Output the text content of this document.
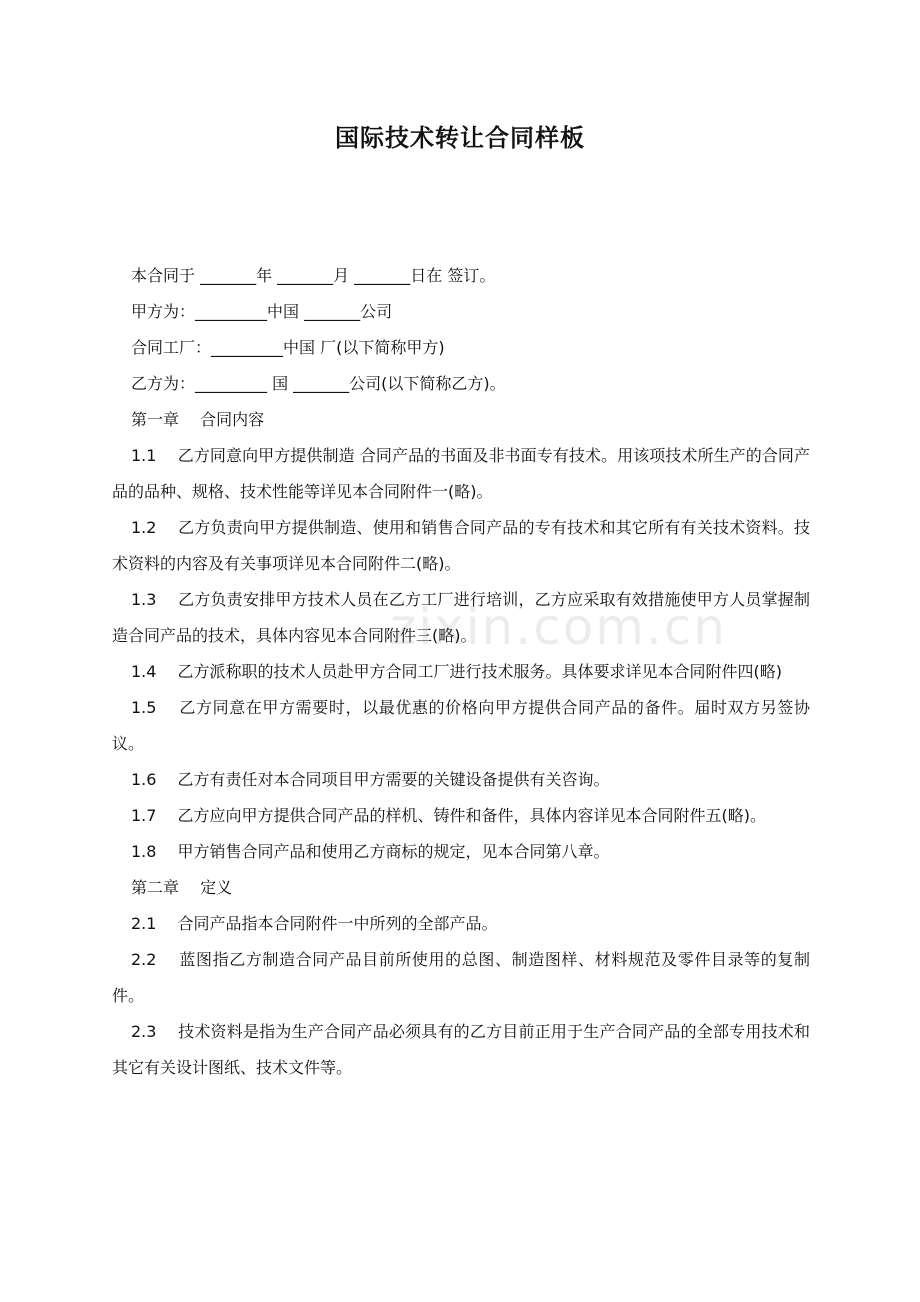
国际技术转让合同样板
zixin.com.cn

本合同于 _______年 _______月 _______日在 签订。

甲方为：_________中国 _______公司

合同工厂：_________中国 厂(以下简称甲方)

乙方为：_________ 国 _______公司(以下简称乙方)。

第一章　 合同内容

1.1　 乙方同意向甲方提供制造 合同产品的书面及非书面专有技术。用该项技术所生产的合同产品的品种、规格、技术性能等详见本合同附件一(略)。

1.2　 乙方负责向甲方提供制造、使用和销售合同产品的专有技术和其它所有有关技术资料。技术资料的内容及有关事项详见本合同附件二(略)。

1.3　 乙方负责安排甲方技术人员在乙方工厂进行培训，乙方应采取有效措施使甲方人员掌握制造合同产品的技术，具体内容见本合同附件三(略)。

1.4　 乙方派称职的技术人员赴甲方合同工厂进行技术服务。具体要求详见本合同附件四(略)

1.5　 乙方同意在甲方需要时，以最优惠的价格向甲方提供合同产品的备件。届时双方另签协议。

1.6　 乙方有责任对本合同项目甲方需要的关键设备提供有关咨询。

1.7　 乙方应向甲方提供合同产品的样机、铸件和备件，具体内容详见本合同附件五(略)。

1.8　 甲方销售合同产品和使用乙方商标的规定，见本合同第八章。

第二章　 定义

2.1　 合同产品指本合同附件一中所列的全部产品。

2.2　 蓝图指乙方制造合同产品目前所使用的总图、制造图样、材料规范及零件目录等的复制件。

2.3　 技术资料是指为生产合同产品必须具有的乙方目前正用于生产合同产品的全部专用技术和其它有关设计图纸、技术文件等。
